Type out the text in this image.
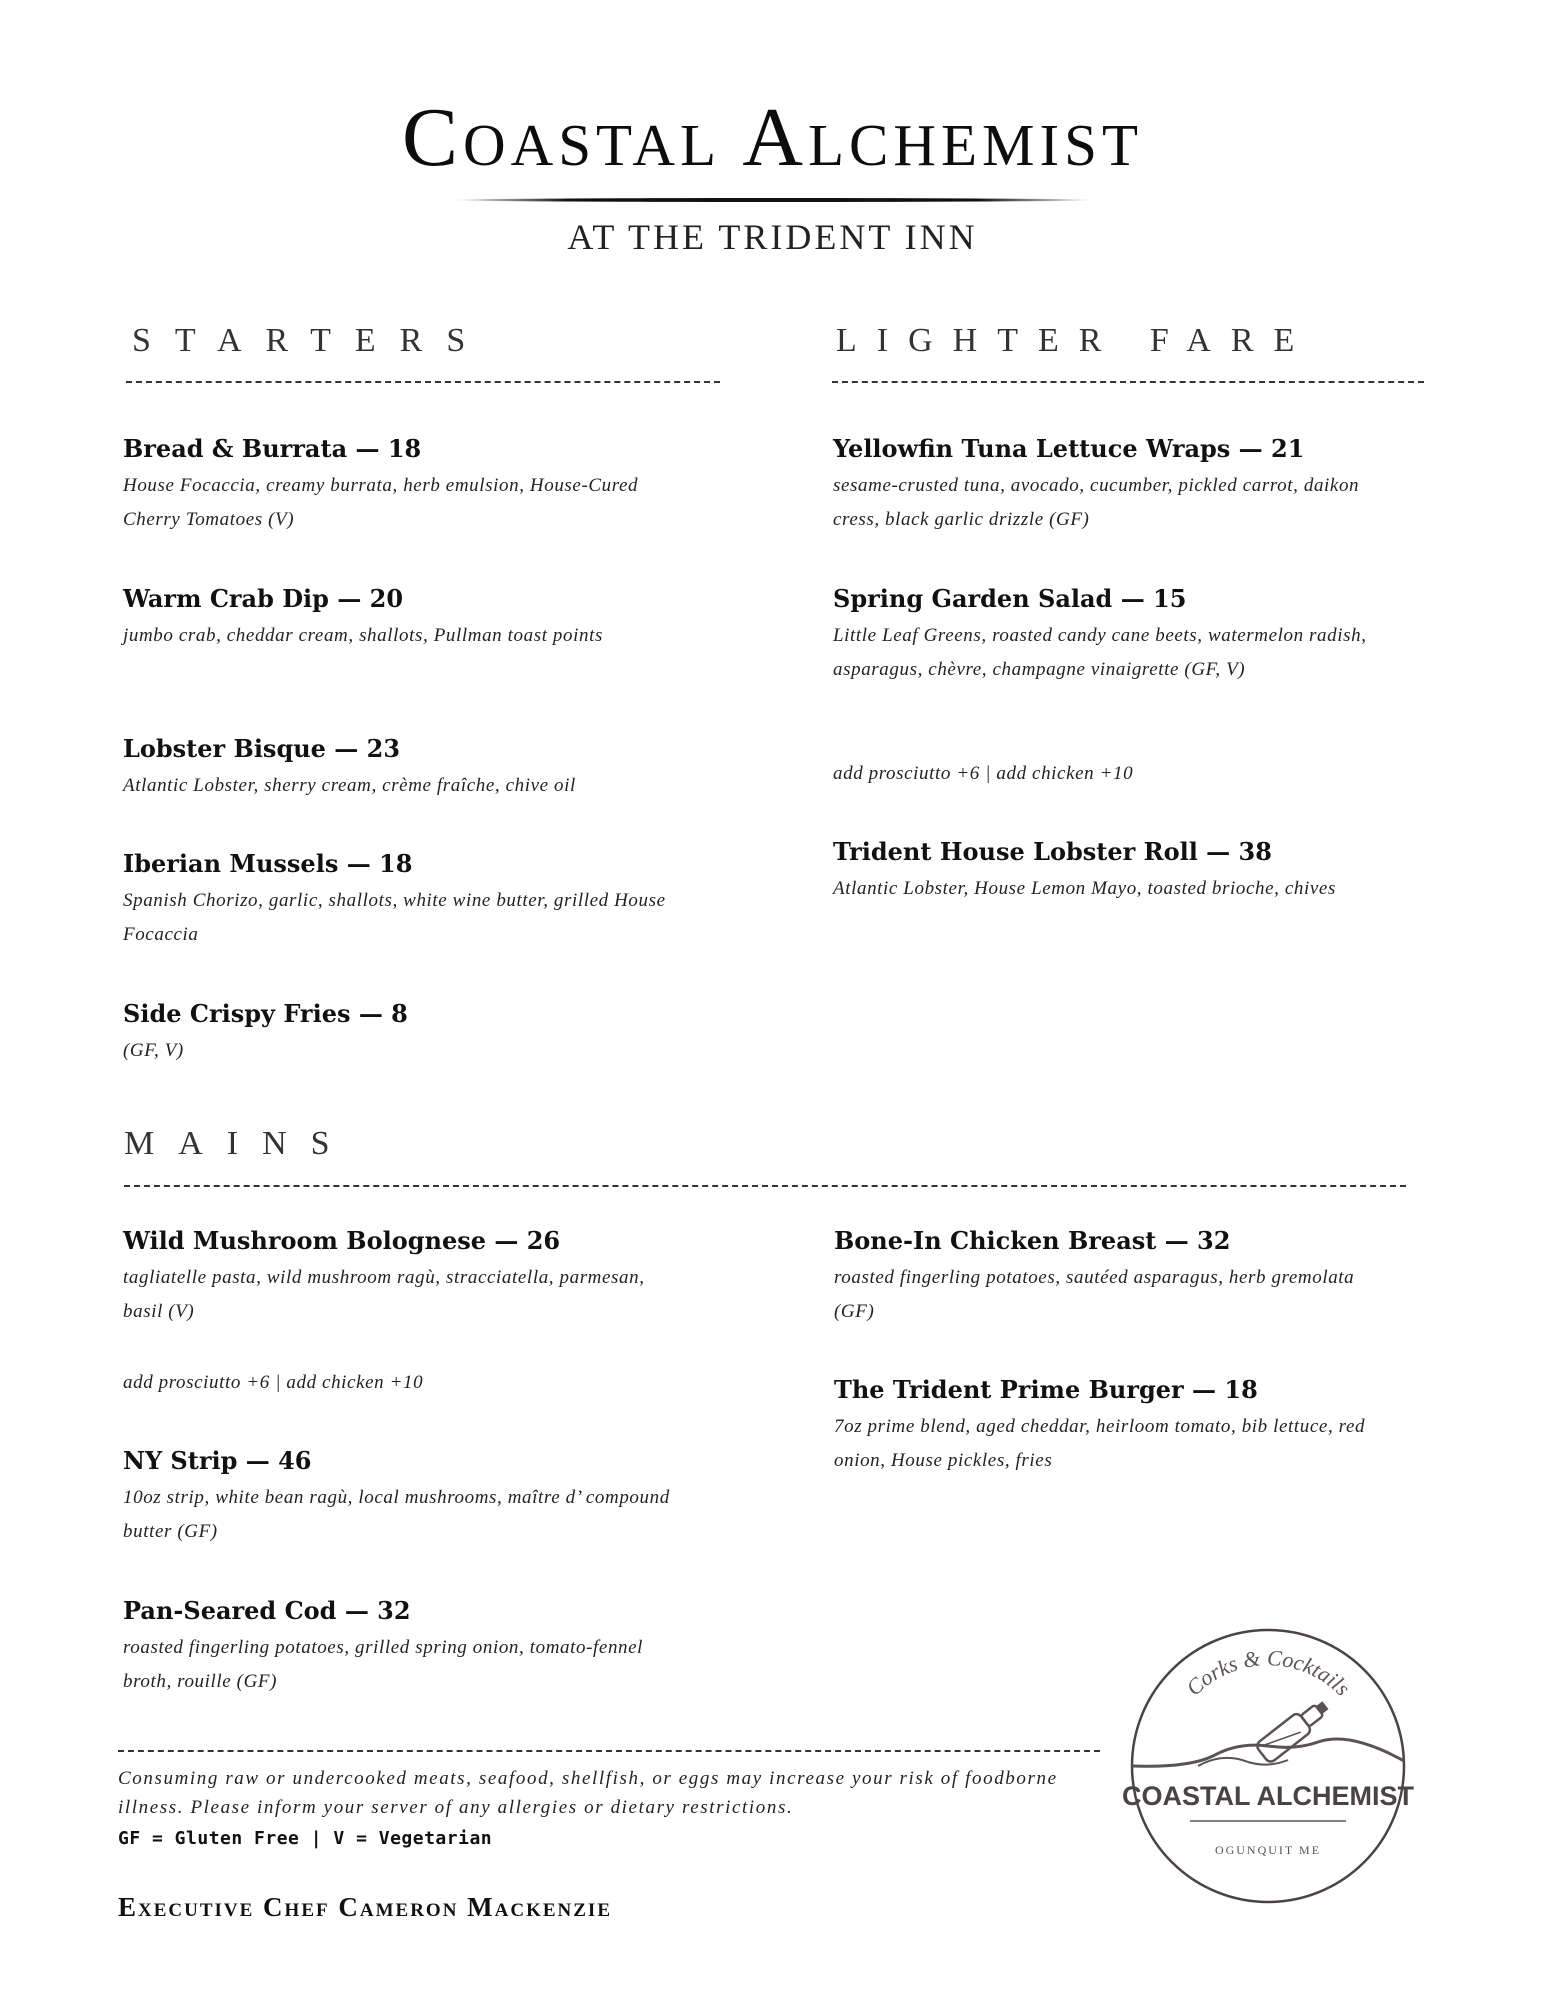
Coastal Alchemist
AT THE TRIDENT INN
STARTERS
Bread & Burrata — 18
House Focaccia, creamy burrata, herb emulsion, House-Cured Cherry Tomatoes (V)
Warm Crab Dip — 20
jumbo crab, cheddar cream, shallots, Pullman toast points
Lobster Bisque — 23
Atlantic Lobster, sherry cream, crème fraîche, chive oil
Iberian Mussels — 18
Spanish Chorizo, garlic, shallots, white wine butter, grilled House Focaccia
Side Crispy Fries — 8
(GF, V)
LIGHTER FARE
Yellowfin Tuna Lettuce Wraps — 21
sesame-crusted tuna, avocado, cucumber, pickled carrot, daikon cress, black garlic drizzle (GF)
Spring Garden Salad — 15
Little Leaf Greens, roasted candy cane beets, watermelon radish, asparagus, chèvre, champagne vinaigrette (GF, V)
add prosciutto +6 | add chicken +10
Trident House Lobster Roll — 38
Atlantic Lobster, House Lemon Mayo, toasted brioche, chives
MAINS
Wild Mushroom Bolognese — 26
tagliatelle pasta, wild mushroom ragù, stracciatella, parmesan, basil (V)
add prosciutto +6 | add chicken +10
NY Strip — 46
10oz strip, white bean ragù, local mushrooms, maître d’ compound butter (GF)
Pan-Seared Cod — 32
roasted fingerling potatoes, grilled spring onion, tomato-fennel broth, rouille (GF)
Bone-In Chicken Breast — 32
roasted fingerling potatoes, sautéed asparagus, herb gremolata (GF)
The Trident Prime Burger — 18
7oz prime blend, aged cheddar, heirloom tomato, bib lettuce, red onion, House pickles, fries
Consuming raw or undercooked meats, seafood, shellfish, or eggs may increase your risk of foodborne illness. Please inform your server of any allergies or dietary restrictions.
GF = Gluten Free | V = Vegetarian
Executive Chef Cameron Mackenzie
Corks & Cocktails
COASTAL ALCHEMIST
OGUNQUIT ME
